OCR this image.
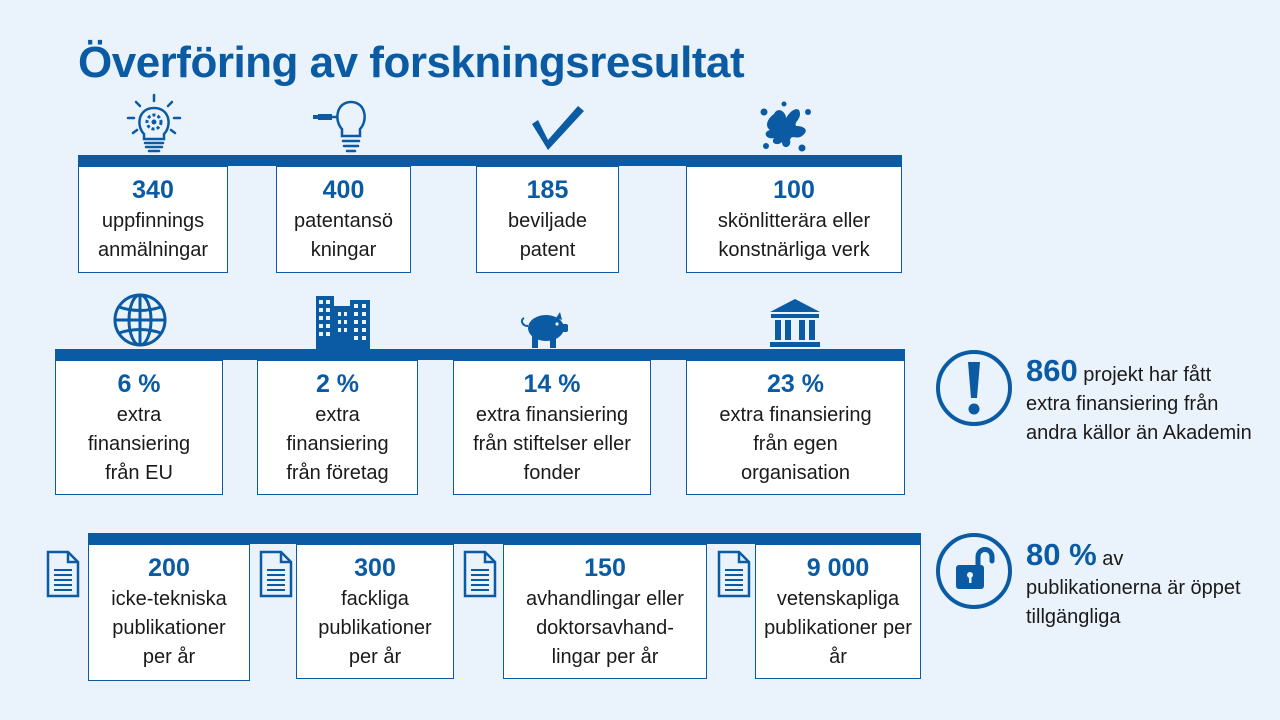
Överföring av forskningsresultat
340
uppfinnings anmälningar
400
patentansö kningar
185
beviljade patent
100
skönlitterära eller konstnärliga verk
6 %
extra finansiering från EU
2 %
extra finansiering från företag
14 %
extra finansiering från stiftelser eller fonder
23 %
extra finansiering från egen organisation
860 projekt har fått
extra finansiering från andra källor än Akademin
200
icke-tekniska publikationer per år
300
fackliga publikationer per år
150
avhandlingar eller doktorsavhand-lingar per år
9 000
vetenskapliga publikationer per år
80 % av
publikationerna är öppet tillgängliga
